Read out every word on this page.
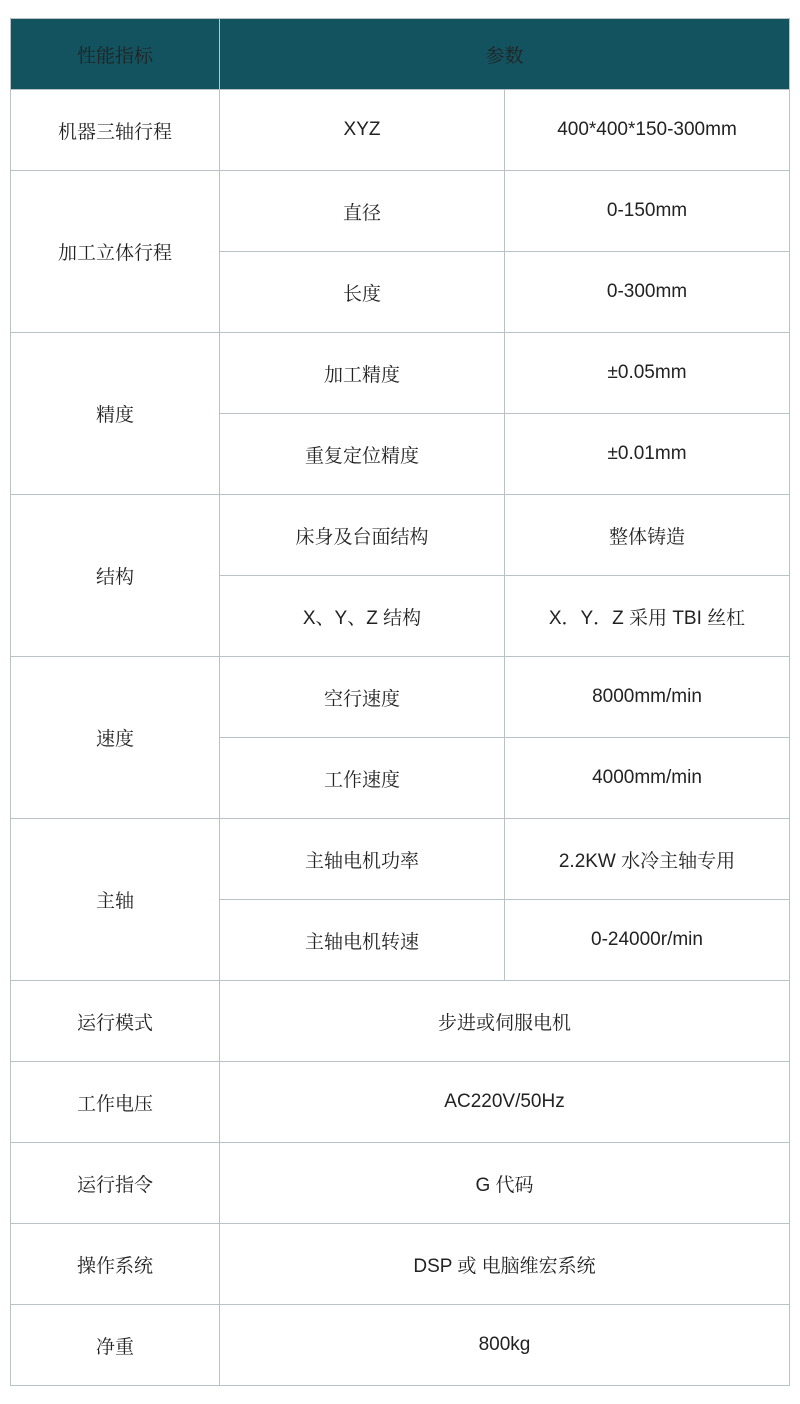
性能指标	参数	
机器三轴行程	XYZ	400*400*150-300mm
加工立体行程	直径	0-150mm
	长度	0-300mm
精度	加工精度	±0.05mm
	重复定位精度	±0.01mm
结构	床身及台面结构	整体铸造
	X、Y、Z 结构	X．Y．Z 采用 TBI 丝杠
速度	空行速度	8000mm/min
	工作速度	4000mm/min
主轴	主轴电机功率	2.2KW 水冷主轴专用
	主轴电机转速	0-24000r/min
运行模式	步进或伺服电机	
工作电压	AC220V/50Hz	
运行指令	G 代码	
操作系统	DSP 或 电脑维宏系统	
净重	800kg	
